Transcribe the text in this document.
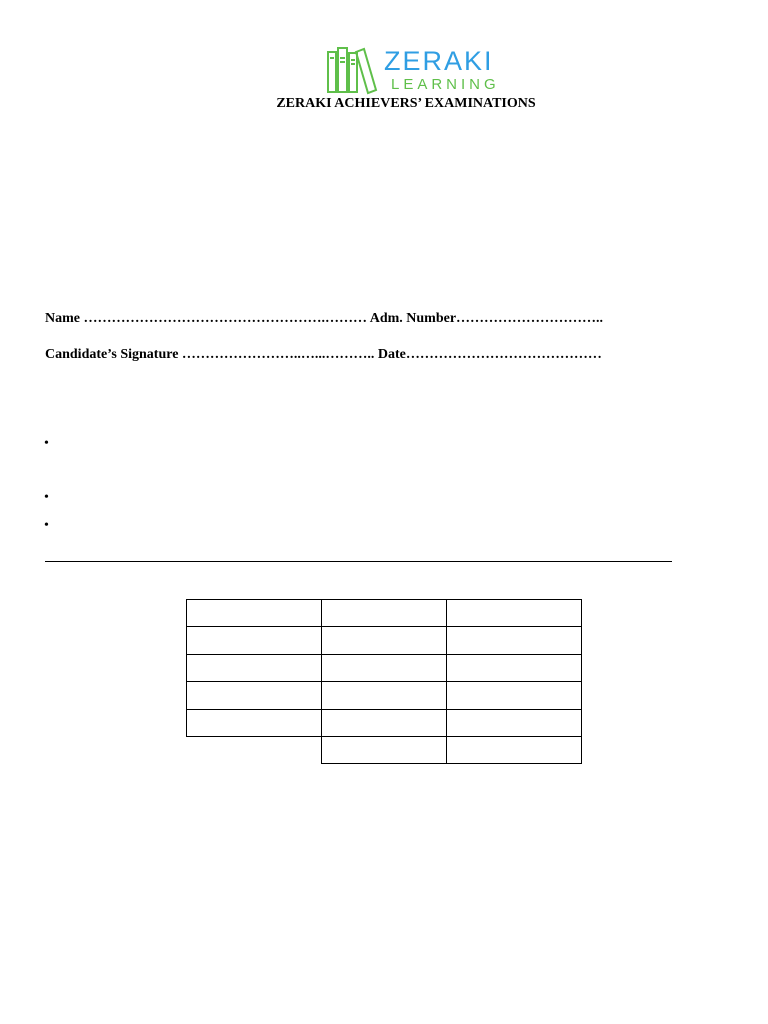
ZERAKI
LEARNING
ZERAKI ACHIEVERS’ EXAMINATIONS
Name …………………………………………….……… Adm. Number…………………………..
Candidate’s Signature ……………………..…...……….. Date……………………………………
•
•
•
